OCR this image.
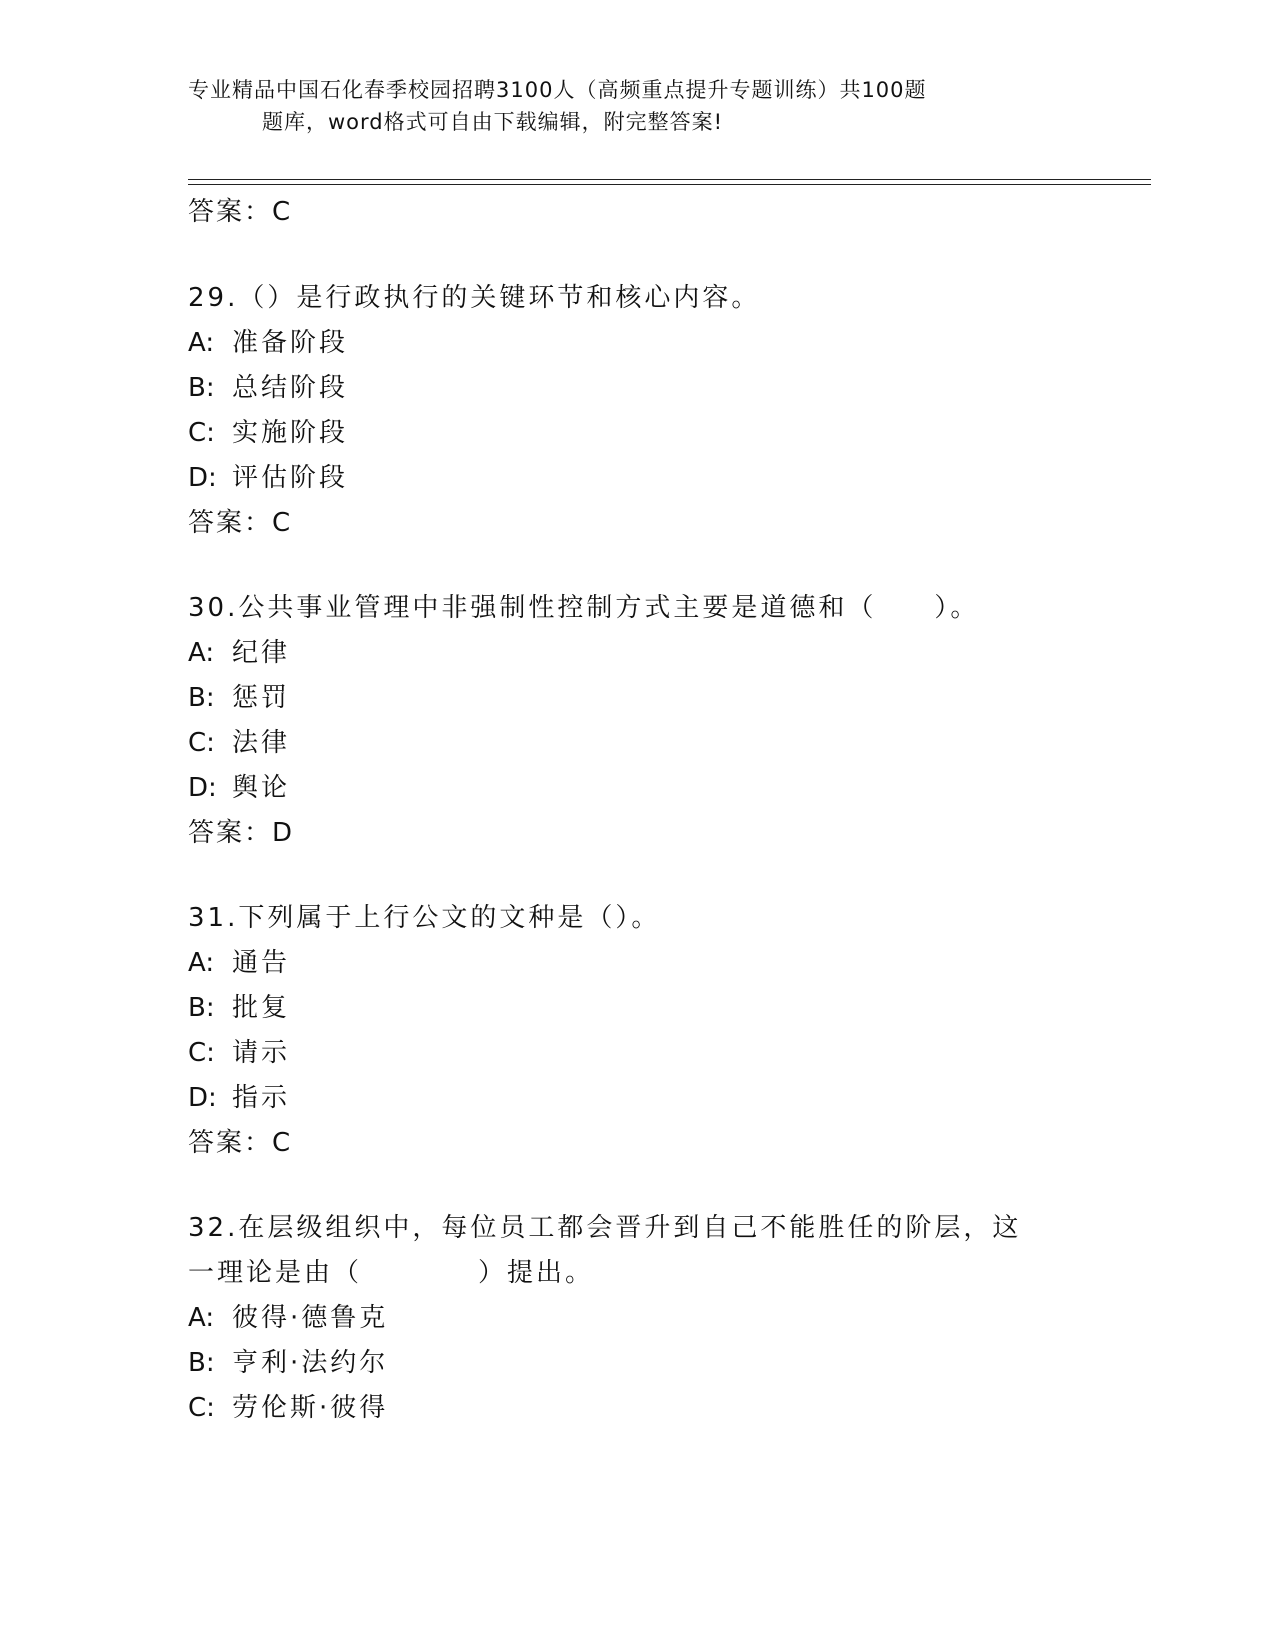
专业精品中国石化春季校园招聘3100人（高频重点提升专题训练）共100题
题库，word格式可自由下载编辑，附完整答案!
答案：C
29.（）是行政执行的关键环节和核心内容。
A: 准备阶段
B: 总结阶段
C: 实施阶段
D: 评估阶段
答案：C
30.公共事业管理中非强制性控制方式主要是道德和（　　）。
A: 纪律
B: 惩罚
C: 法律
D: 舆论
答案：D
31.下列属于上行公文的文种是（）。
A: 通告
B: 批复
C: 请示
D: 指示
答案：C
32.在层级组织中，每位员工都会晋升到自己不能胜任的阶层，这一理论是由（　　　　）提出。
A: 彼得·德鲁克
B: 亨利·法约尔
C: 劳伦斯·彼得
